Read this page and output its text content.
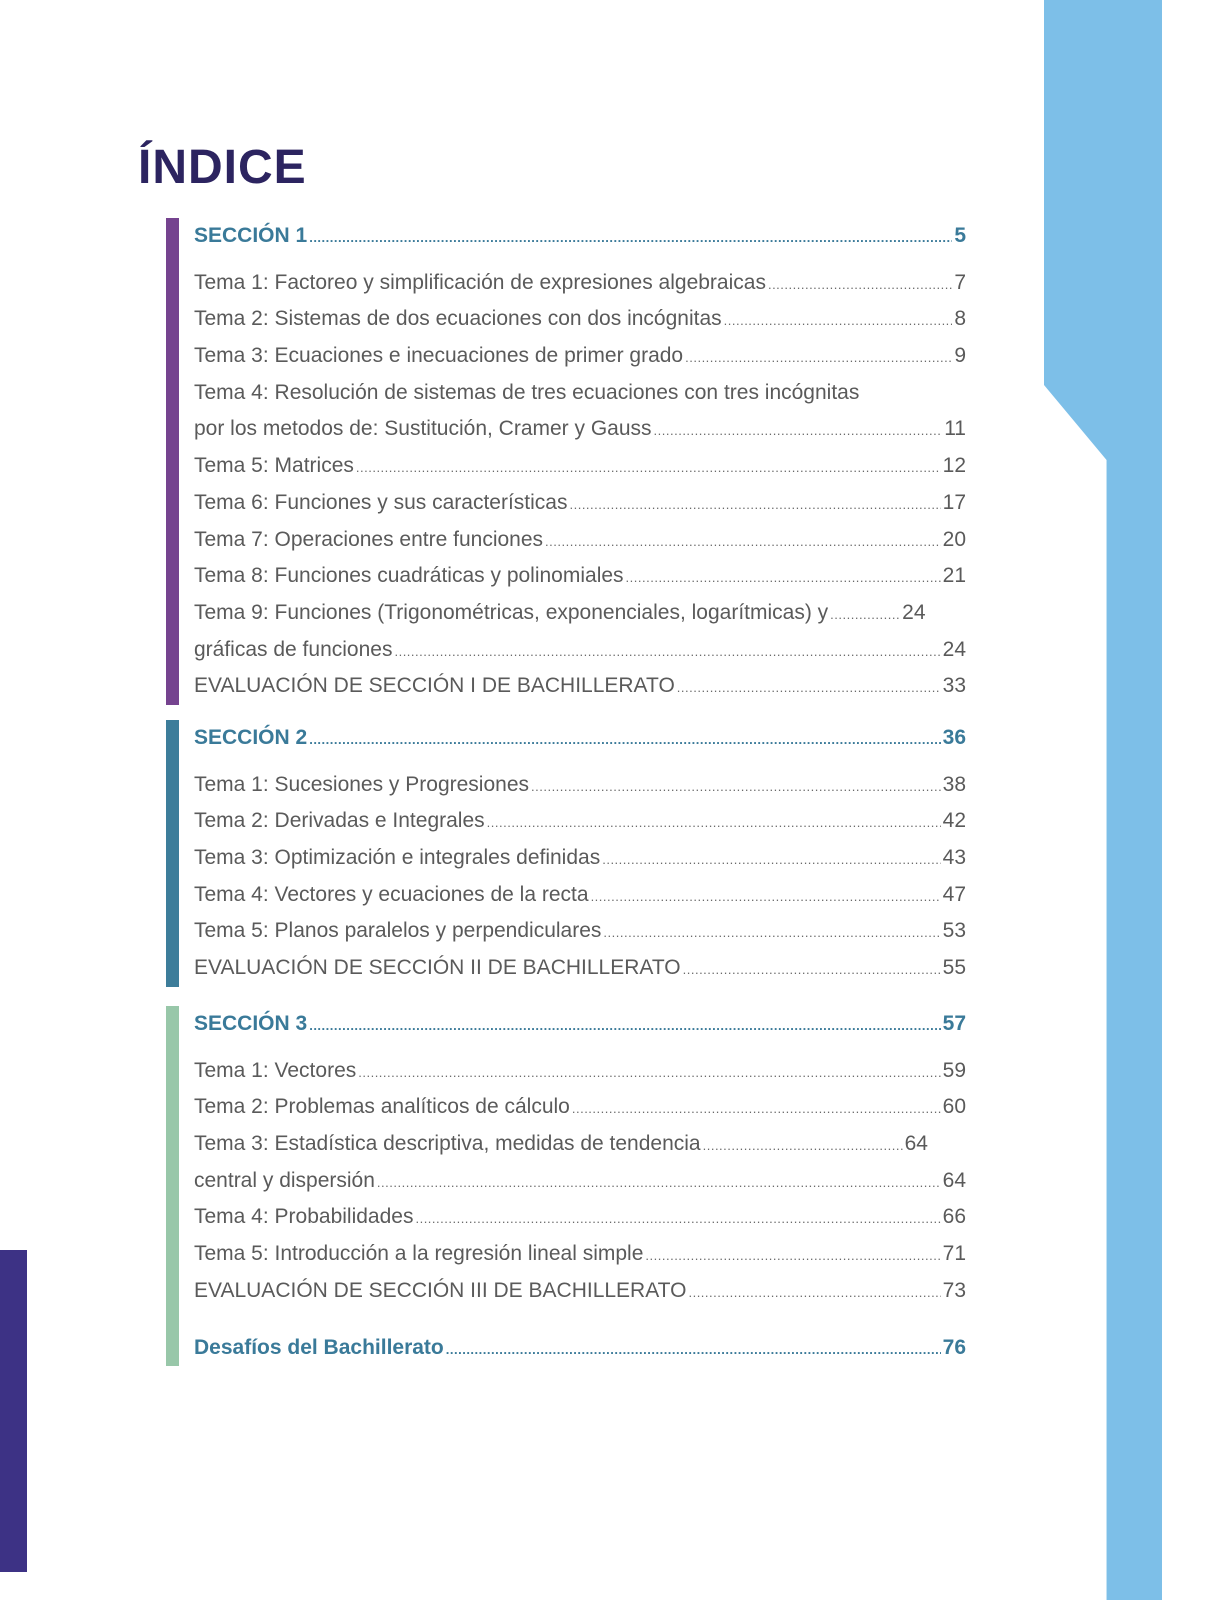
ÍNDICE
SECCIÓN 1 .....	5
Tema 1: Factoreo y simplificación de expresiones algebraicas .....	7
Tema 2: Sistemas de dos ecuaciones con dos incógnitas .....	8
Tema 3: Ecuaciones e inecuaciones de primer grado .....	9
Tema 4: Resolución de sistemas de tres ecuaciones con tres incógnitas
por los metodos de: Sustitución, Cramer y Gauss .....	11
Tema 5: Matrices .....	12
Tema 6: Funciones y sus características .....	17
Tema 7: Operaciones entre funciones .....	20
Tema 8: Funciones cuadráticas y polinomiales .....	21
Tema 9: Funciones (Trigonométricas, exponenciales, logarítmicas) y .....	24
gráficas de funciones .....	24
EVALUACIÓN DE SECCIÓN I DE BACHILLERATO .....	33
SECCIÓN 2 .....	36
Tema 1: Sucesiones y Progresiones .....	38
Tema 2: Derivadas e Integrales .....	42
Tema 3: Optimización e integrales definidas .....	43
Tema 4: Vectores y ecuaciones de la recta .....	47
Tema 5: Planos paralelos y perpendiculares .....	53
EVALUACIÓN DE SECCIÓN II DE BACHILLERATO .....	55
SECCIÓN 3 .....	57
Tema 1: Vectores .....	59
Tema 2: Problemas analíticos de cálculo .....	60
Tema 3: Estadística descriptiva, medidas de tendencia .....	64
central y dispersión .....	64
Tema 4: Probabilidades .....	66
Tema 5: Introducción a la regresión lineal simple .....	71
EVALUACIÓN DE SECCIÓN III DE BACHILLERATO .....	73
Desafíos del Bachillerato .....	76
